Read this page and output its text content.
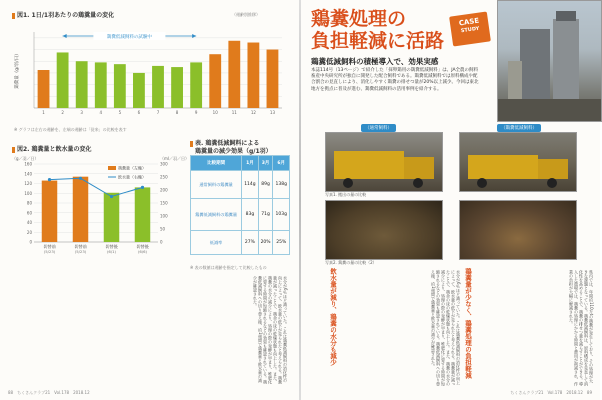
図1. 1日/1羽あたりの鶏糞量の変化	（週齢別推移）
鶏糞量（g/羽/日）
1	2	3	4	5	6	7	8	9	10	11	12	13
鶏糞低減飼料の試験中
※ グラフは左右の週齢を、左端の週齢は「従来」の比較を表す
図2. 鶏糞量と飲水量の変化
（g／羽／日）	（ml／羽／日）
0
20
40
60
80
100
120
140
160
0
50
100
150
200
250
300
切替前
(5/23)
切替前
(5/23)
切替後
(6/1)
切替後
(6/6)
鶏糞量（左軸）
飲水量（右軸）
表. 鶏糞低減飼料による
鶏糞量の減少効果（g/1羽）
比較期間	1月	3月	6月
通常飼料の鶏糞量	114g	89g	138g
鶏糞低減飼料の鶏糞量	83g	71g	103g
低減率	27%	20%	25%
※ 表の数値は週齢を指定して比較したもの
水分が6％ほど減っていた。これは鶏糞低減飼料の消化性の向上によって、飲水量の低下が見られたと考えられる。鶏糞量が減ったことで、鶏舎の床の乾燥状態も向上した。また、鶏糞の水分の減少により、処理の際の発酵が早まり、堆肥化に要する時間が短縮されるなどの効果も確認されている。鶏糞低減飼料への切り替え後、約1週間で鶏糞量と飲水量の減少が確認された。
88　ちくさんクラブ21　Vol.178　2018.12
鶏糞処理の
負担軽減に活路
CASE
STUDY
鶏糞低減飼料の積極導入で、効果実感
本誌114号（13ページ）で紹介した「採卵鶏用の鶏糞低減飼料」は、JA全農の飼料畜産中央研究所が独自に開発した配合飼料である。鶏糞低減飼料では原料構成や配合割合の見直しにより、消化しやすく鶏糞の排せつ量が20%以上減少。今回は東北地方を拠点に普及が進む、鶏糞低減飼料の活用事例を紹介する。
（通常飼料）	（鶏糞低減飼料）
写真1. 搬出の量の比較
写真2. 鶏糞の量の比較（2）
飲水量が減り、鶏糞の水分も減少	鶏糞量が少なく、鶏糞処理の負担軽減
水分が6％ほど減っていた。これは鶏糞低減飼料の消化性の向上によって、飲水量の低下が見られたと考えられる。鶏糞量が減ったことで、鶏舎の床の乾燥状態も向上した。また、鶏糞の水分の減少により、処理の際の発酵が早まり、堆肥化に要する時間が短縮されるなどの効果も確認されている。鶏糞低減飼料への切り替え後、約1週間で鶏糞量と飲水量の減少が確認された。	県内では、年間約110万tの鶏糞が発生しており、その処理が大きな課題となっている。鶏糞低減飼料は、原料構成を見直して消化性を高めることで、鶏糞の排せつ量を減らすことができる。導入した農場では、鶏糞の処理にかかる時間と費用が削減され、作業の負担が大幅に軽減された。
ちくさんクラブ21　Vol.178　2018.12　89
